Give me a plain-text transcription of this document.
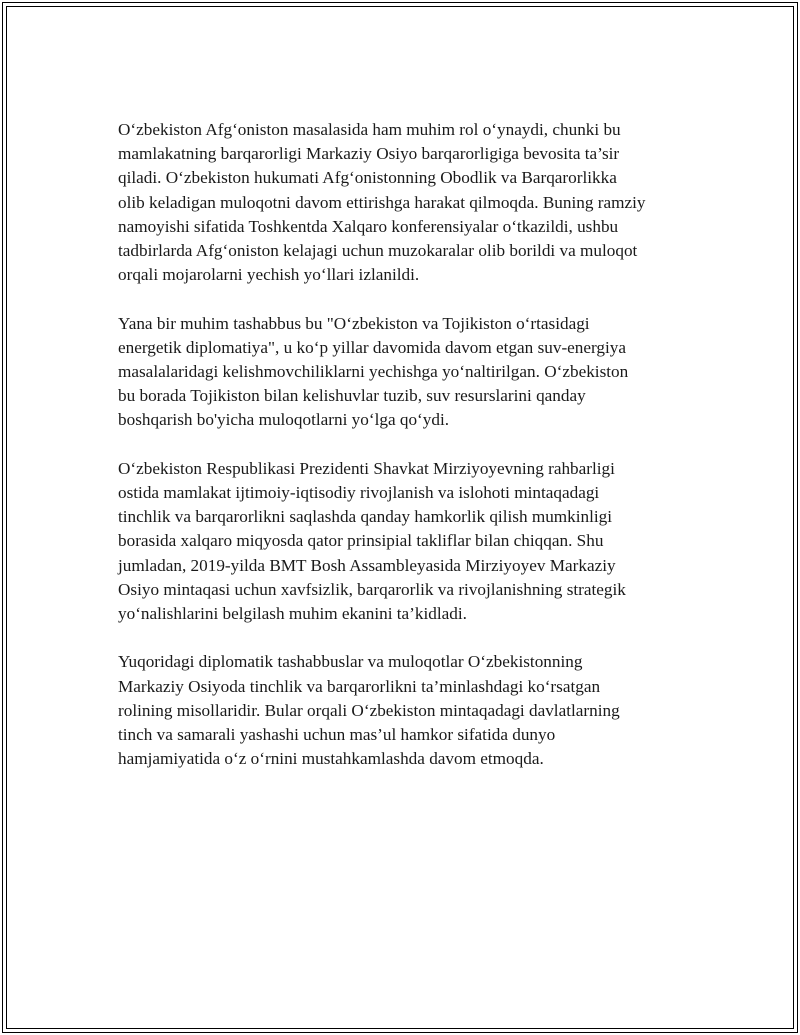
O‘zbekiston Afg‘oniston masalasida ham muhim rol o‘ynaydi, chunki bu
mamlakatning barqarorligi Markaziy Osiyo barqarorligiga bevosita ta’sir
qiladi. O‘zbekiston hukumati Afg‘onistonning Obodlik va Barqarorlikka
olib keladigan muloqotni davom ettirishga harakat qilmoqda. Buning ramziy
namoyishi sifatida Toshkentda Xalqaro konferensiyalar o‘tkazildi, ushbu
tadbirlarda Afg‘oniston kelajagi uchun muzokaralar olib borildi va muloqot
orqali mojarolarni yechish yo‘llari izlanildi.

Yana bir muhim tashabbus bu "O‘zbekiston va Tojikiston o‘rtasidagi
energetik diplomatiya", u ko‘p yillar davomida davom etgan suv-energiya
masalalaridagi kelishmovchiliklarni yechishga yo‘naltirilgan. O‘zbekiston
bu borada Tojikiston bilan kelishuvlar tuzib, suv resurslarini qanday
boshqarish bo'yicha muloqotlarni yo‘lga qo‘ydi.

O‘zbekiston Respublikasi Prezidenti Shavkat Mirziyoyevning rahbarligi
ostida mamlakat ijtimoiy-iqtisodiy rivojlanish va islohoti mintaqadagi
tinchlik va barqarorlikni saqlashda qanday hamkorlik qilish mumkinligi
borasida xalqaro miqyosda qator prinsipial takliflar bilan chiqqan. Shu
jumladan, 2019-yilda BMT Bosh Assambleyasida Mirziyoyev Markaziy
Osiyo mintaqasi uchun xavfsizlik, barqarorlik va rivojlanishning strategik
yo‘nalishlarini belgilash muhim ekanini ta’kidladi.

Yuqoridagi diplomatik tashabbuslar va muloqotlar O‘zbekistonning
Markaziy Osiyoda tinchlik va barqarorlikni ta’minlashdagi ko‘rsatgan
rolining misollaridir. Bular orqali O‘zbekiston mintaqadagi davlatlarning
tinch va samarali yashashi uchun mas’ul hamkor sifatida dunyo
hamjamiyatida o‘z o‘rnini mustahkamlashda davom etmoqda.
